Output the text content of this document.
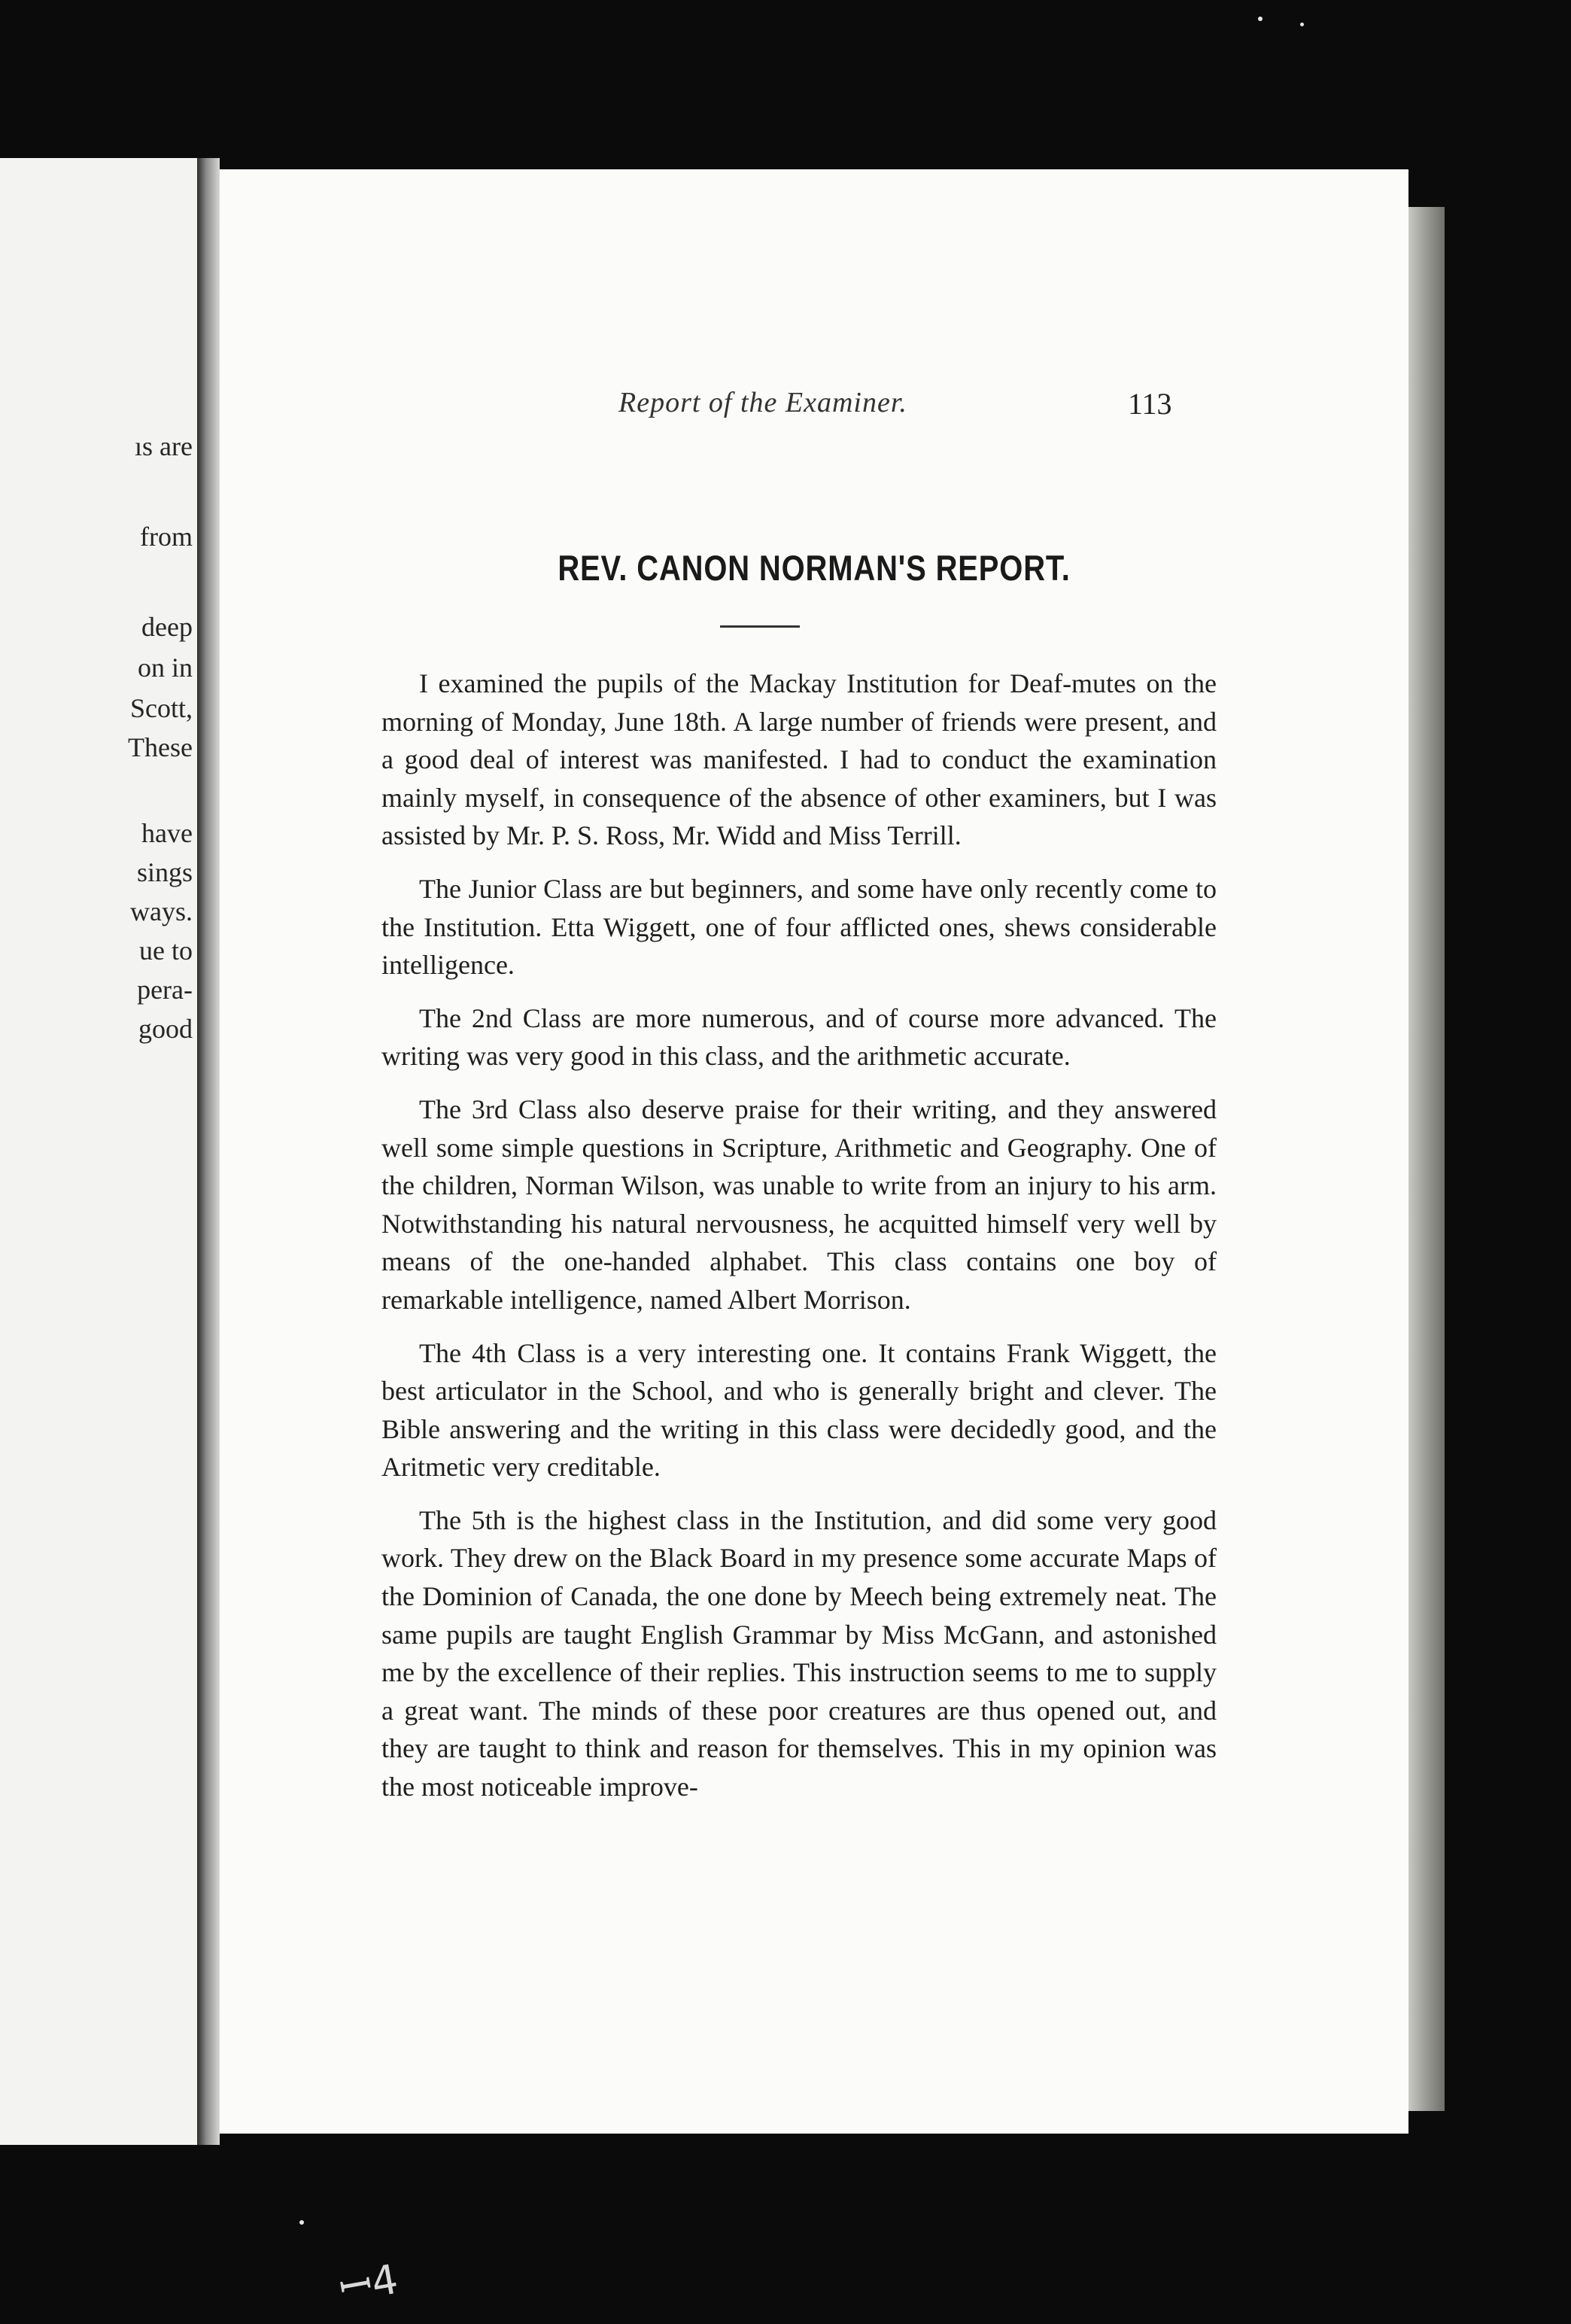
ıs are
from
deep
on in
Scott,
These
have
sings
ways.
ue to
pera-
good
Report of the Examiner.	113
REV. CANON NORMAN'S REPORT.

I examined the pupils of the Mackay Institution for Deaf-mutes on the morning of Monday, June 18th. A large number of friends were present, and a good deal of interest was manifested. I had to conduct the examination mainly myself, in consequence of the absence of other examiners, but I was assisted by Mr. P. S. Ross, Mr. Widd and Miss Terrill.

The Junior Class are but beginners, and some have only recently come to the Institution. Etta Wiggett, one of four afflicted ones, shews considerable intelligence.

The 2nd Class are more numerous, and of course more advanced. The writing was very good in this class, and the arithmetic accurate.

The 3rd Class also deserve praise for their writing, and they answered well some simple questions in Scripture, Arithmetic and Geography. One of the children, Norman Wilson, was unable to write from an injury to his arm. Notwithstanding his natural nervousness, he acquitted himself very well by means of the one-handed alphabet. This class contains one boy of remarkable intelligence, named Albert Morrison.

The 4th Class is a very interesting one. It contains Frank Wiggett, the best articulator in the School, and who is generally bright and clever. The Bible answering and the writing in this class were decidedly good, and the Aritmetic very creditable.

The 5th is the highest class in the Institution, and did some very good work. They drew on the Black Board in my presence some accurate Maps of the Dominion of Canada, the one done by Meech being extremely neat. The same pupils are taught English Grammar by Miss McGann, and astonished me by the excellence of their replies. This instruction seems to me to supply a great want. The minds of these poor creatures are thus opened out, and they are taught to think and reason for themselves. This in my opinion was the most noticeable improve-

ꟷ4
